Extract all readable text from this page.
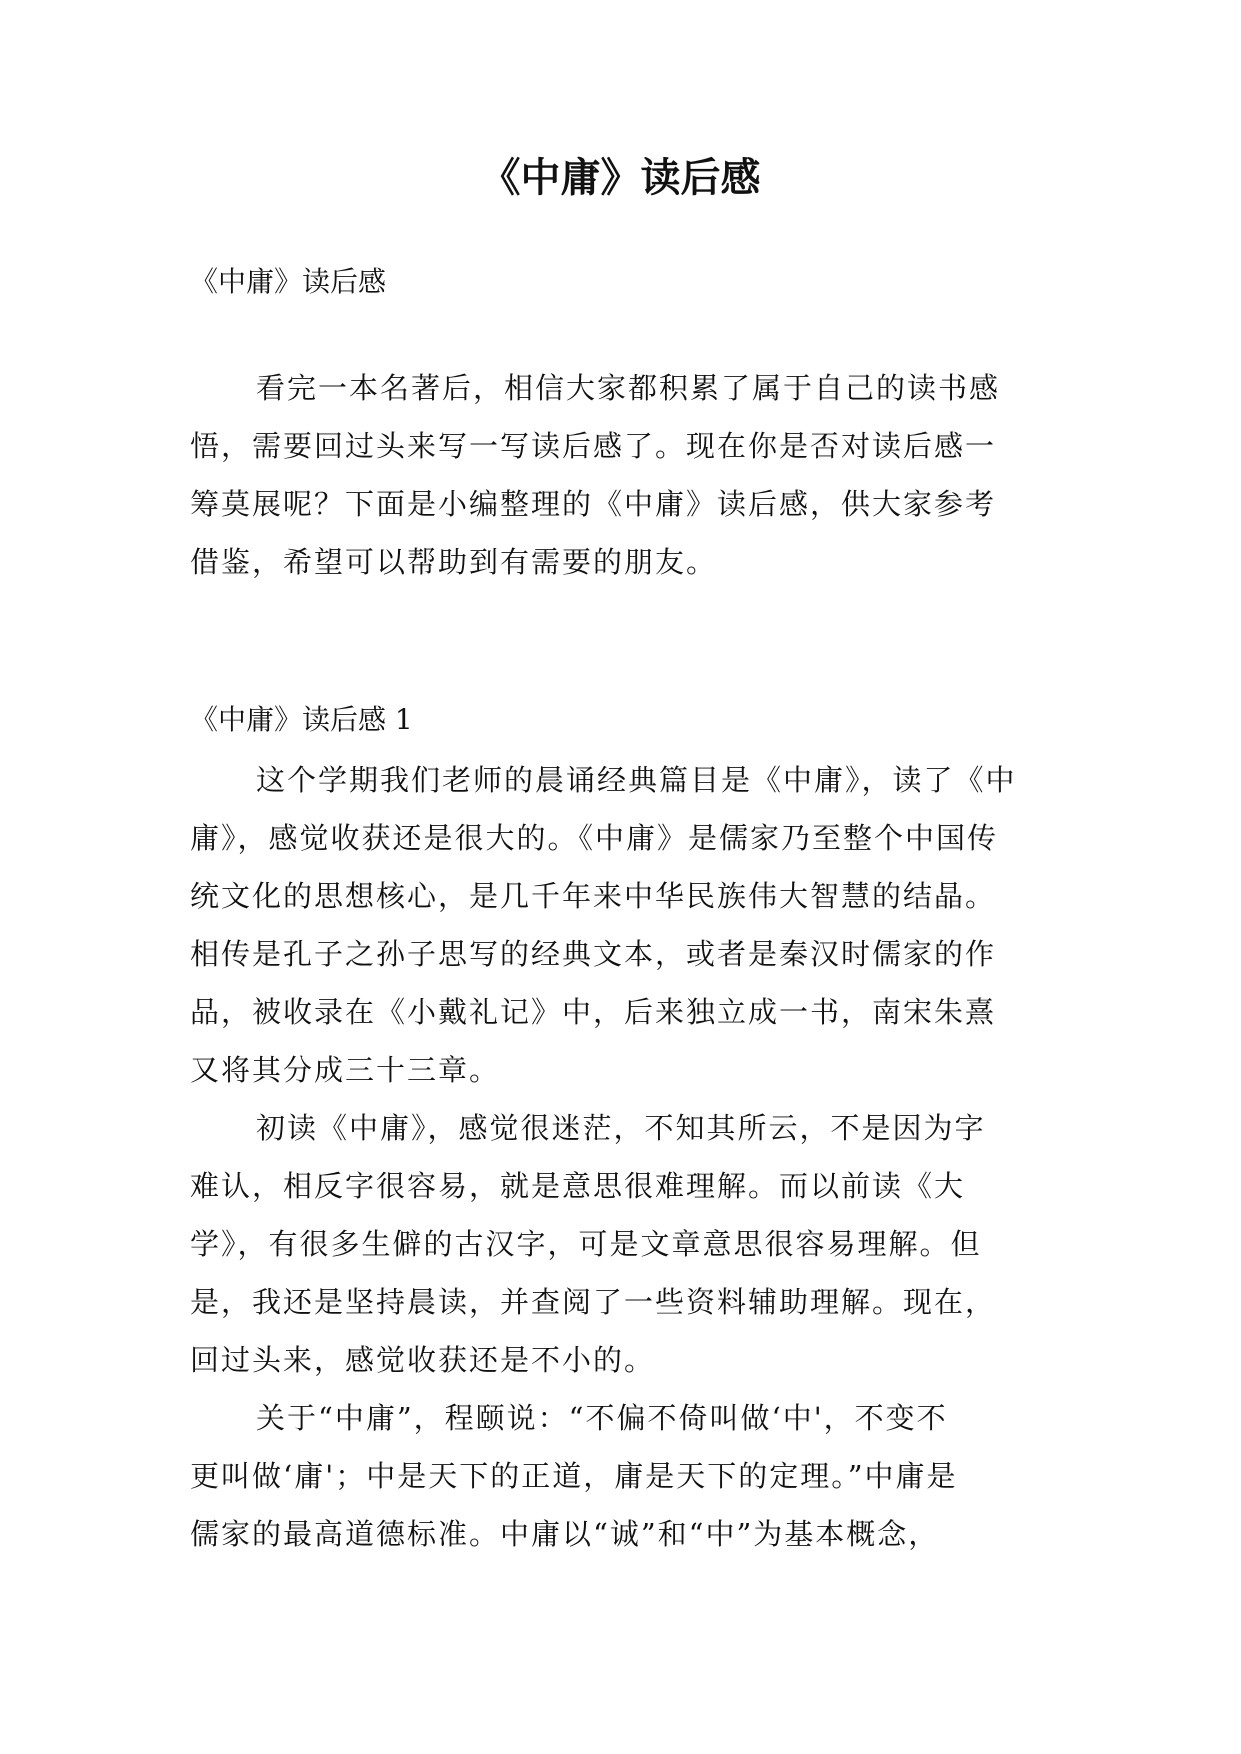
《中庸》读后感

《中庸》读后感

看完一本名著后，相信大家都积累了属于自己的读书感
悟，需要回过头来写一写读后感了。现在你是否对读后感一
筹莫展呢？下面是小编整理的《中庸》读后感，供大家参考
借鉴，希望可以帮助到有需要的朋友。

《中庸》读后感 1

这个学期我们老师的晨诵经典篇目是《中庸》，读了《中
庸》，感觉收获还是很大的。《中庸》是儒家乃至整个中国传
统文化的思想核心，是几千年来中华民族伟大智慧的结晶。
相传是孔子之孙子思写的经典文本，或者是秦汉时儒家的作
品，被收录在《小戴礼记》中，后来独立成一书，南宋朱熹
又将其分成三十三章。
初读《中庸》，感觉很迷茫，不知其所云，不是因为字
难认，相反字很容易，就是意思很难理解。而以前读《大
学》，有很多生僻的古汉字，可是文章意思很容易理解。但
是，我还是坚持晨读，并查阅了一些资料辅助理解。现在，
回过头来，感觉收获还是不小的。
关于“中庸”，程颐说：“不偏不倚叫做‘中'，不变不
更叫做‘庸'；中是天下的正道，庸是天下的定理。”中庸是
儒家的最高道德标准。中庸以“诚”和“中”为基本概念，
